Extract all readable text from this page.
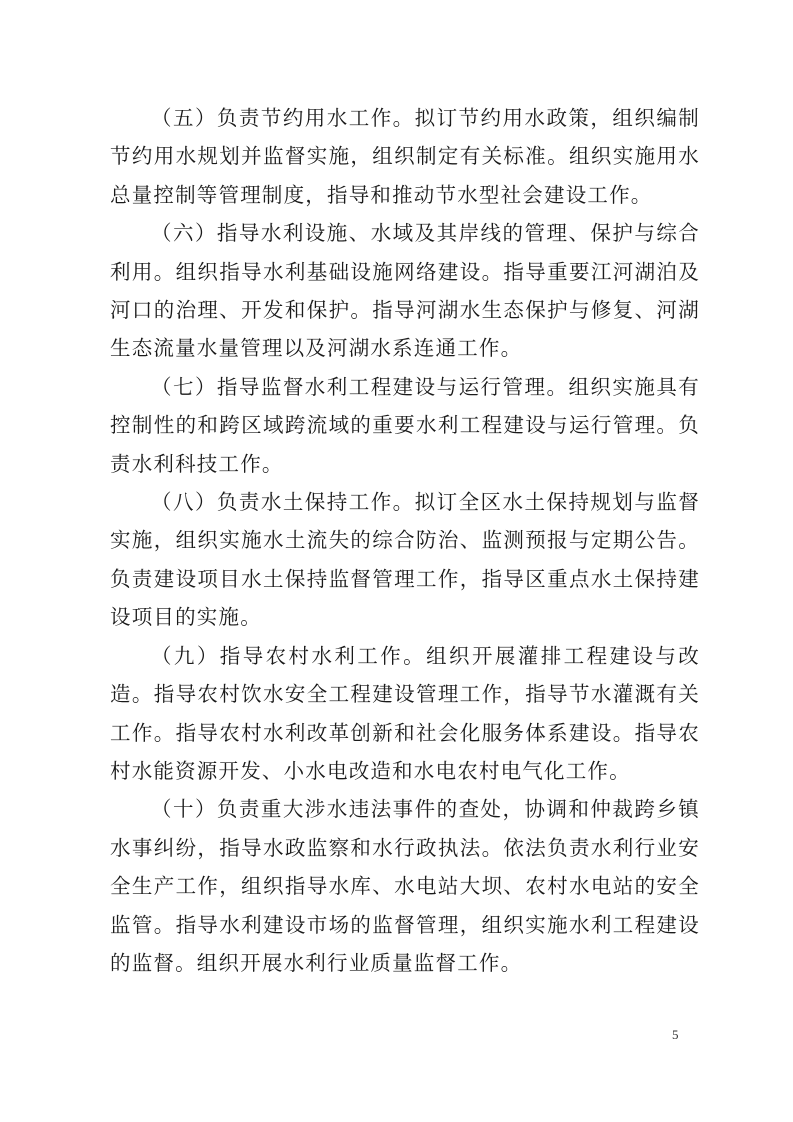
（五）负责节约用水工作。拟订节约用水政策，组织编制节约用水规划并监督实施，组织制定有关标准。组织实施用水总量控制等管理制度，指导和推动节水型社会建设工作。

（六）指导水利设施、水域及其岸线的管理、保护与综合利用。组织指导水利基础设施网络建设。指导重要江河湖泊及河口的治理、开发和保护。指导河湖水生态保护与修复、河湖生态流量水量管理以及河湖水系连通工作。

（七）指导监督水利工程建设与运行管理。组织实施具有控制性的和跨区域跨流域的重要水利工程建设与运行管理。负责水利科技工作。

（八）负责水土保持工作。拟订全区水土保持规划与监督实施，组织实施水土流失的综合防治、监测预报与定期公告。负责建设项目水土保持监督管理工作，指导区重点水土保持建设项目的实施。

（九）指导农村水利工作。组织开展灌排工程建设与改造。指导农村饮水安全工程建设管理工作，指导节水灌溉有关工作。指导农村水利改革创新和社会化服务体系建设。指导农村水能资源开发、小水电改造和水电农村电气化工作。

（十）负责重大涉水违法事件的查处，协调和仲裁跨乡镇水事纠纷，指导水政监察和水行政执法。依法负责水利行业安全生产工作，组织指导水库、水电站大坝、农村水电站的安全监管。指导水利建设市场的监督管理，组织实施水利工程建设的监督。组织开展水利行业质量监督工作。

5
